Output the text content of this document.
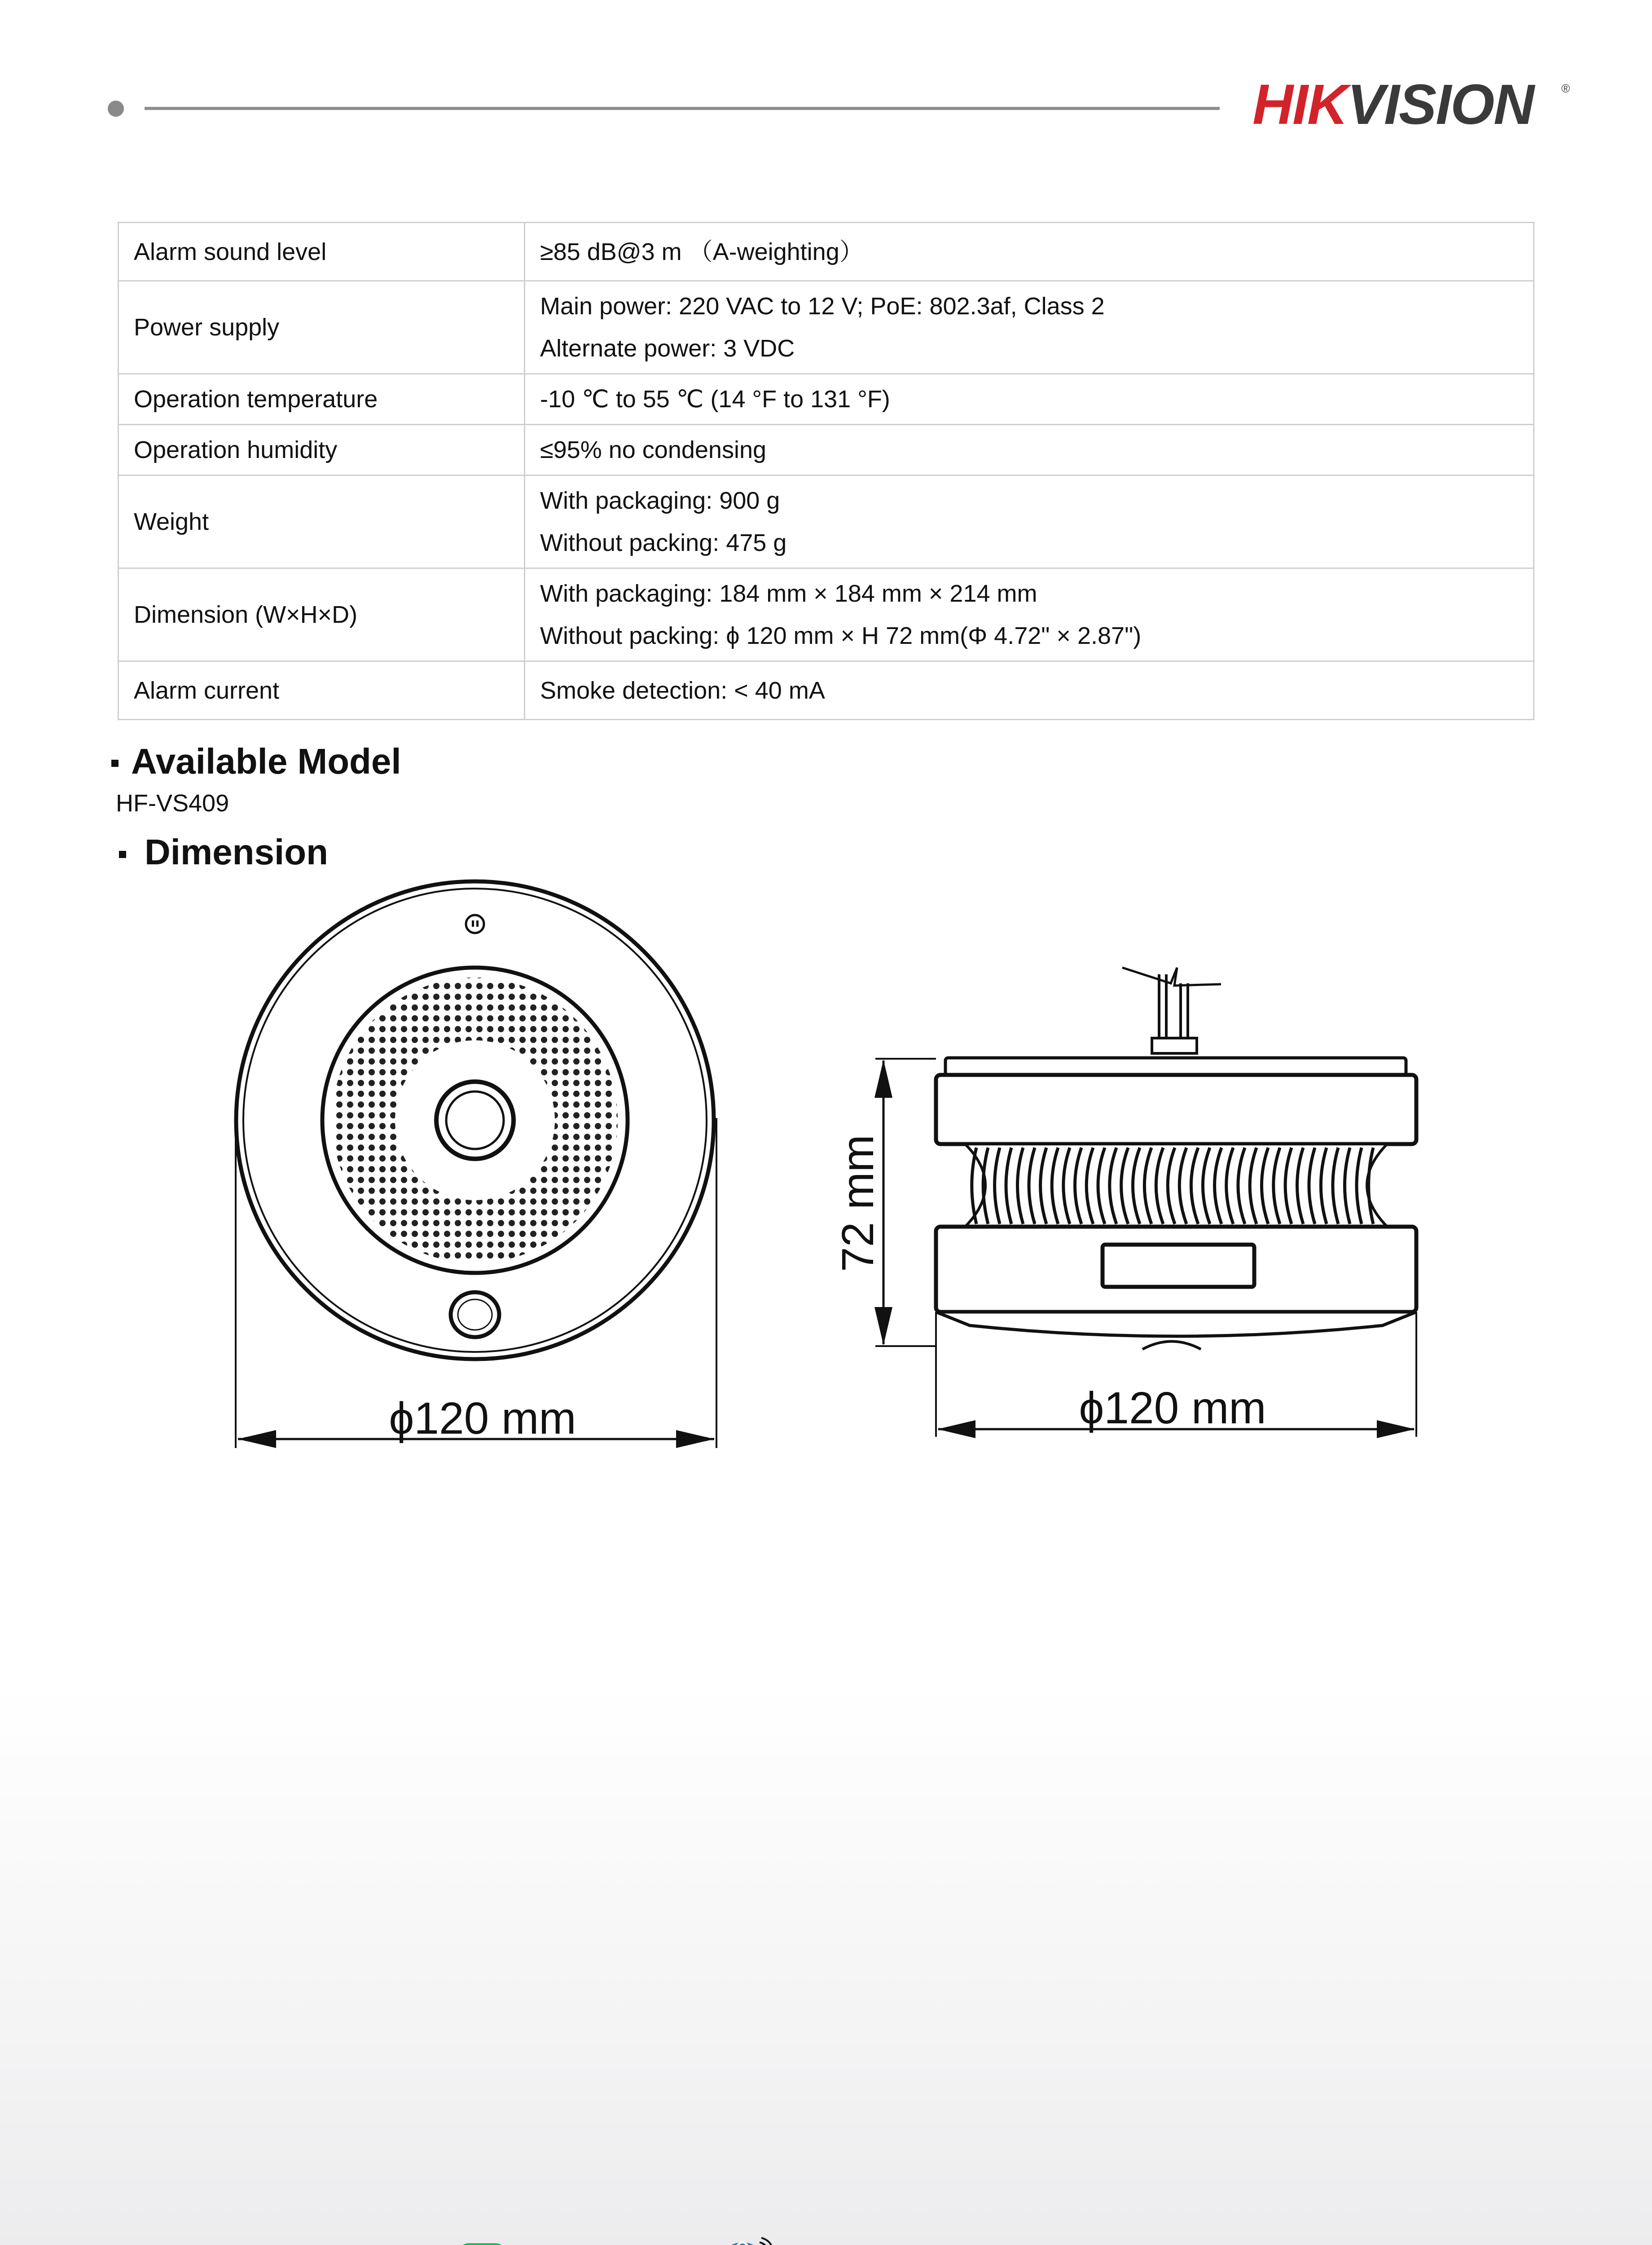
HIKVISION ®
Alarm sound level	≥85 dB@3 m （A-weighting）

Power supply	Main power: 220 VAC to 12 V; PoE: 802.3af, Class 2
Alternate power: 3 VDC

Operation temperature	-10 ℃ to 55 ℃ (14 °F to 131 °F)

Operation humidity	≤95% no condensing

Weight	With packaging: 900 g
Without packing: 475 g

Dimension (W×H×D)	With packaging: 184 mm × 184 mm × 214 mm
Without packing: ϕ 120 mm × H 72 mm(Φ 4.72" × 2.87")

Alarm current	Smoke detection: < 40 mA
Available Model
HF-VS409
Dimension
ϕ120 mm
72 mm
ϕ120 mm
